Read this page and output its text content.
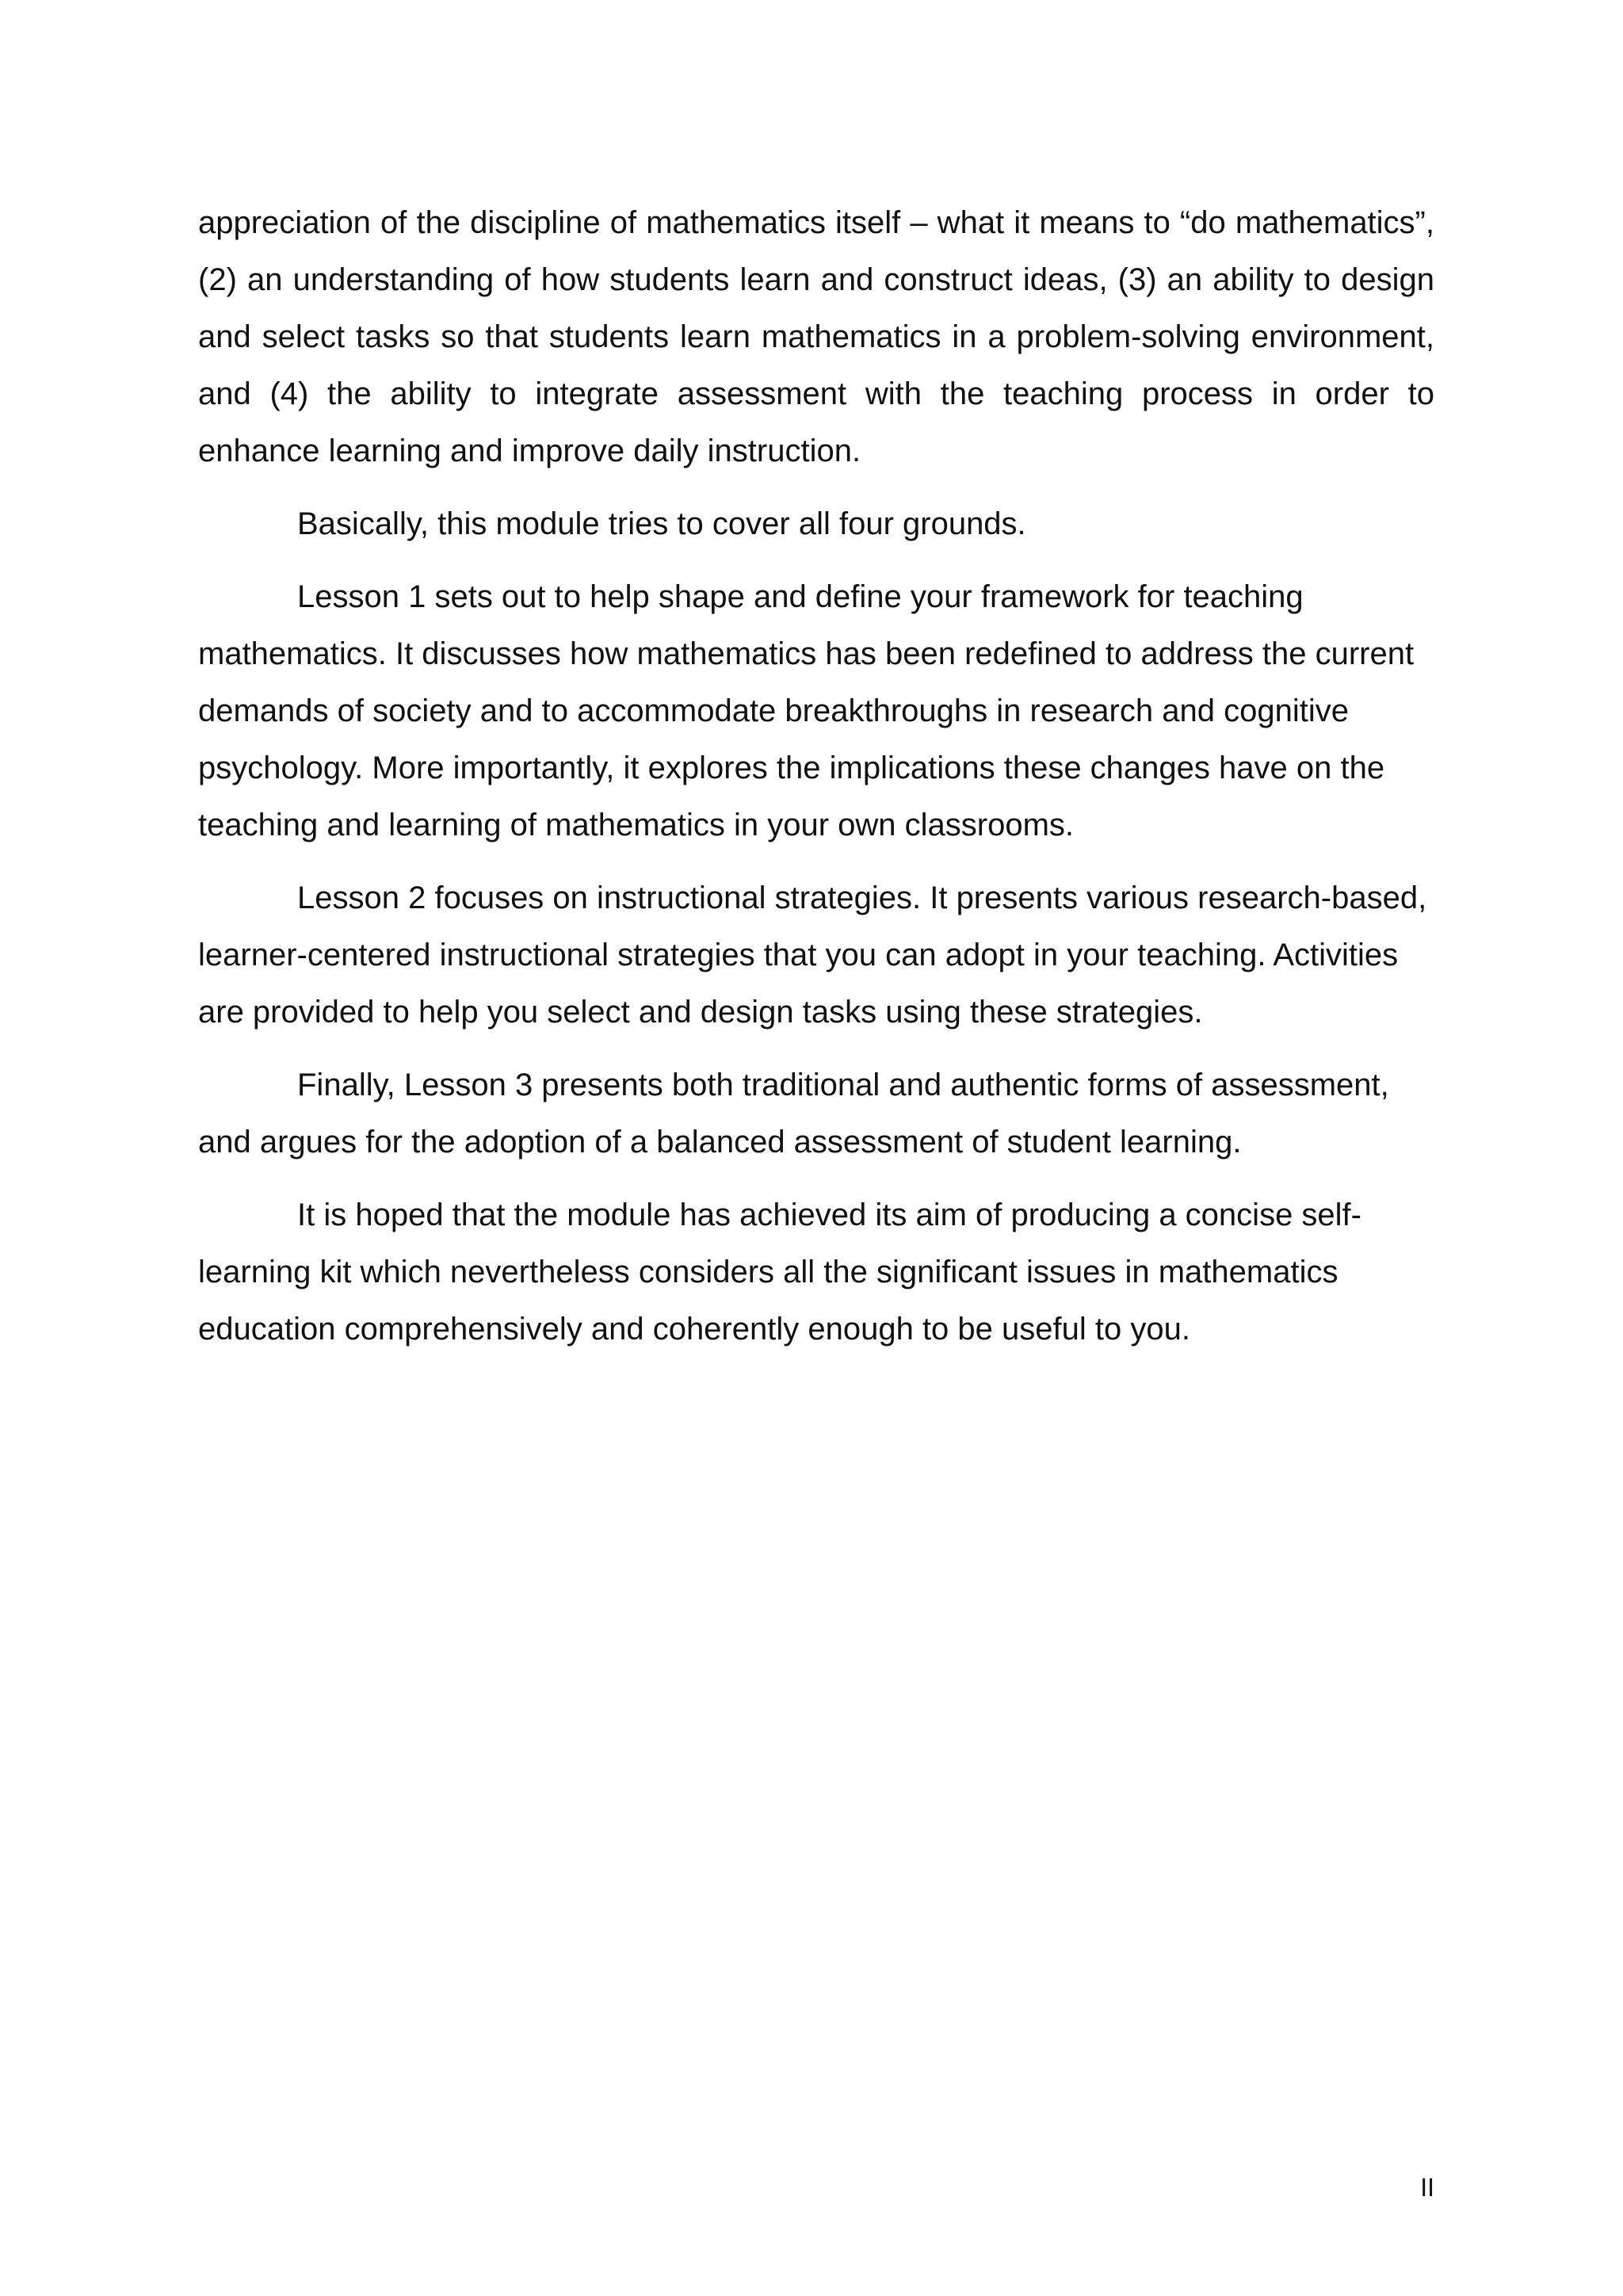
appreciation of the discipline of mathematics itself – what it means to “do mathematics”, (2) an understanding of how students learn and construct ideas, (3) an ability to design and select tasks so that students learn mathematics in a problem-solving environment, and (4) the ability to integrate assessment with the teaching process in order to enhance learning and improve daily instruction.

Basically, this module tries to cover all four grounds.

Lesson 1 sets out to help shape and define your framework for teaching mathematics. It discusses how mathematics has been redefined to address the current demands of society and to accommodate breakthroughs in research and cognitive psychology. More importantly, it explores the implications these changes have on the teaching and learning of mathematics in your own classrooms.

Lesson 2 focuses on instructional strategies. It presents various research-based, learner-centered instructional strategies that you can adopt in your teaching. Activities are provided to help you select and design tasks using these strategies.

Finally, Lesson 3 presents both traditional and authentic forms of assessment, and argues for the adoption of a balanced assessment of student learning.

It is hoped that the module has achieved its aim of producing a concise self-learning kit which nevertheless considers all the significant issues in mathematics education comprehensively and coherently enough to be useful to you.

II
